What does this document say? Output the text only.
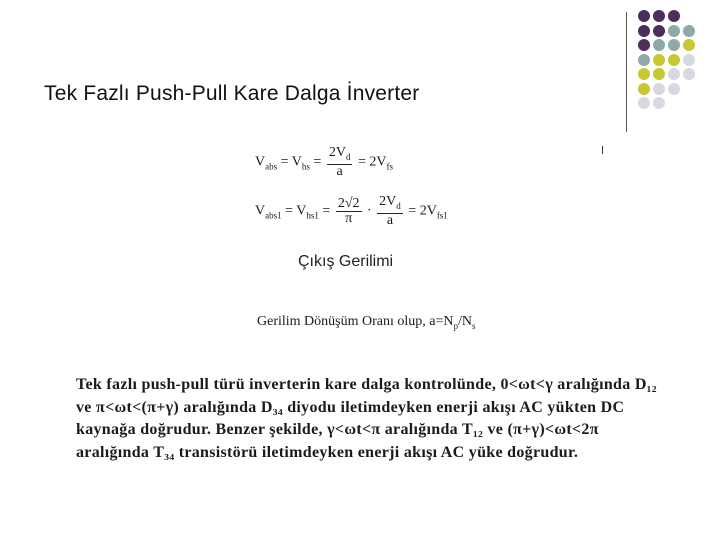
Tek Fazlı Push-Pull Kare Dalga İnverter
$V_{abs} = V_{hs} = \frac{2V_d}{a} = 2V_{fs}$
$V_{abs1} = V_{hs1} = \frac{2√2}{\pi} \cdot \frac{2V_d}{a} = 2V_{fs1}$
Çıkış Gerilimi
Gerilim Dönüşüm Oranı olup, $a=N_p/N_s$
Tek fazlı push-pull türü inverterin kare dalga kontrolünde, 0<ωt<γ aralığında D₁₂
ve π<ωt<(π+γ) aralığında D₃₄ diyodu iletimdeyken enerji akışı AC yükten DC
kaynağa doğrudur. Benzer şekilde, γ<ωt<π aralığında T₁₂ ve (π+γ)<ωt<2π
aralığında T₃₄ transistörü iletimdeyken enerji akışı AC yüke doğrudur.
